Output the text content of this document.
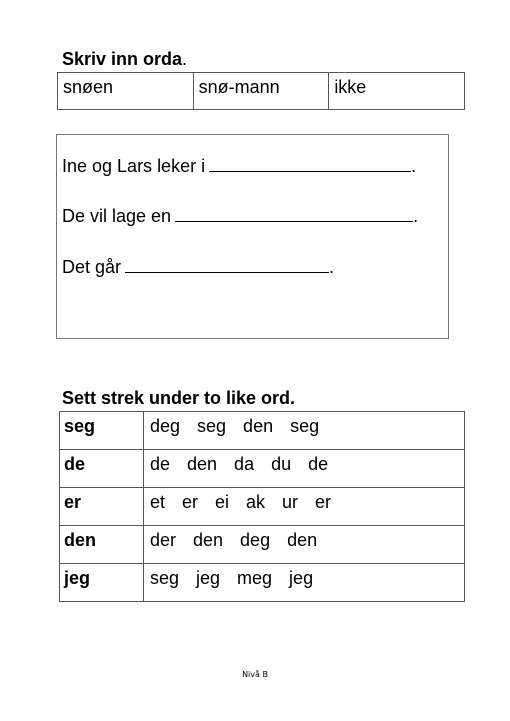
Skriv inn orda.
snøen	snø-mann	ikke
Ine og Lars leker i	.
De vil lage en	.
Det går	.
Sett strek under to like ord.
seg	deg seg den seg
de	de den da du de
er	et er ei ak ur er
den	der den deg den
jeg	seg jeg meg jeg
Nivå B
